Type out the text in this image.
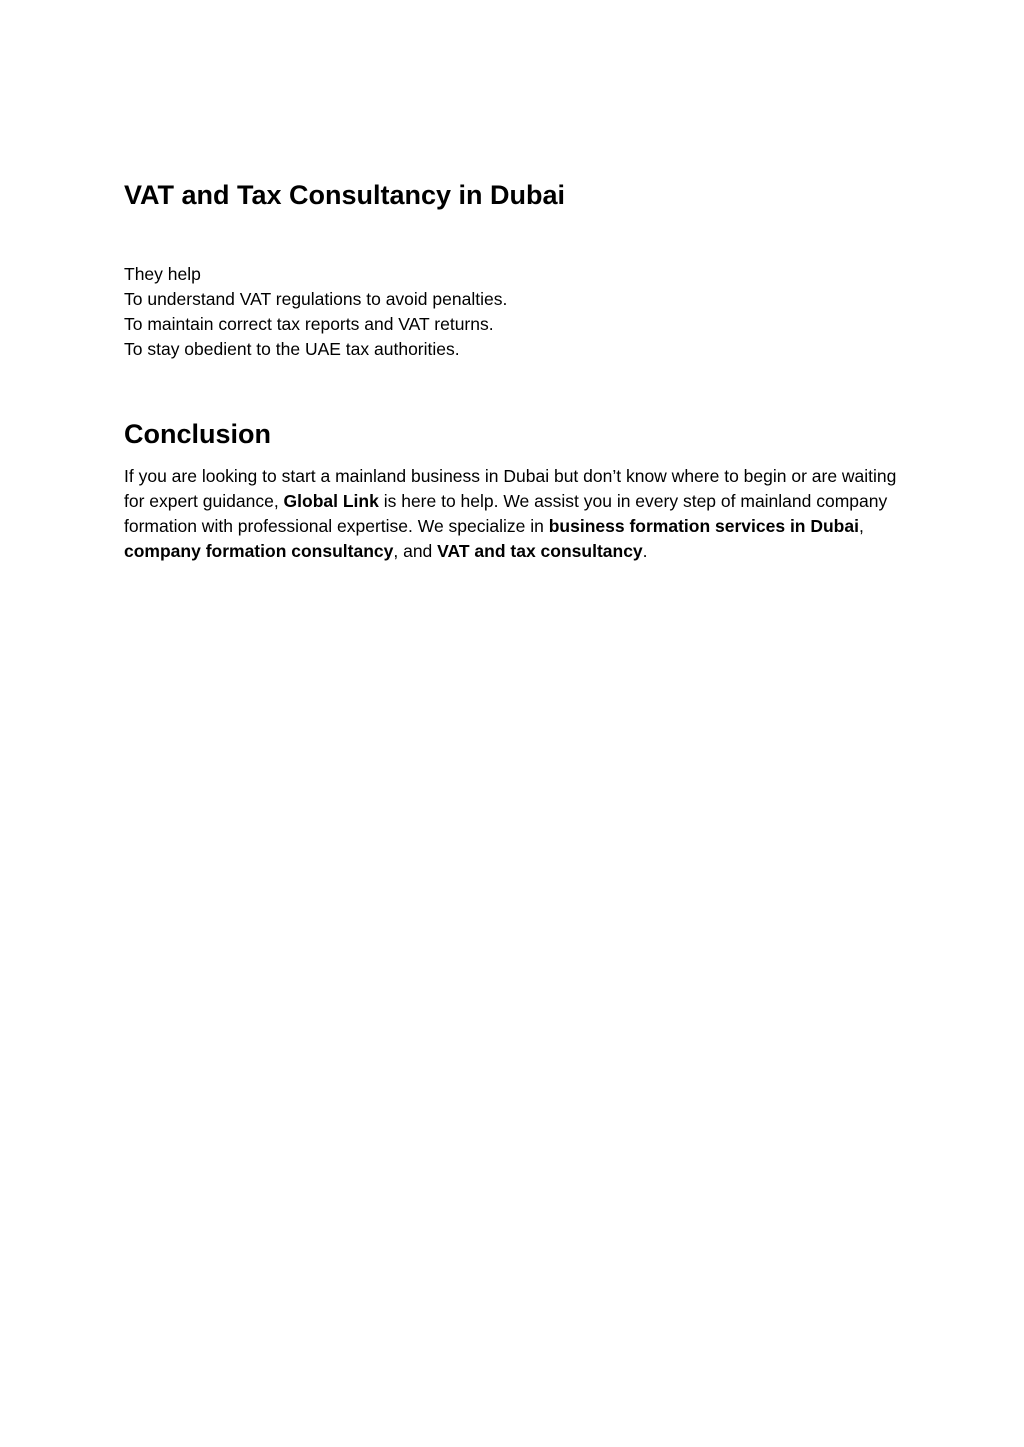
VAT and Tax Consultancy in Dubai
They help
To understand VAT regulations to avoid penalties.
To maintain correct tax reports and VAT returns.
To stay obedient to the UAE tax authorities.
Conclusion

If you are looking to start a mainland business in Dubai but don’t know where to begin or are waiting for expert guidance, Global Link is here to help. We assist you in every step of mainland company formation with professional expertise. We specialize in business formation services in Dubai, company formation consultancy, and VAT and tax consultancy.
